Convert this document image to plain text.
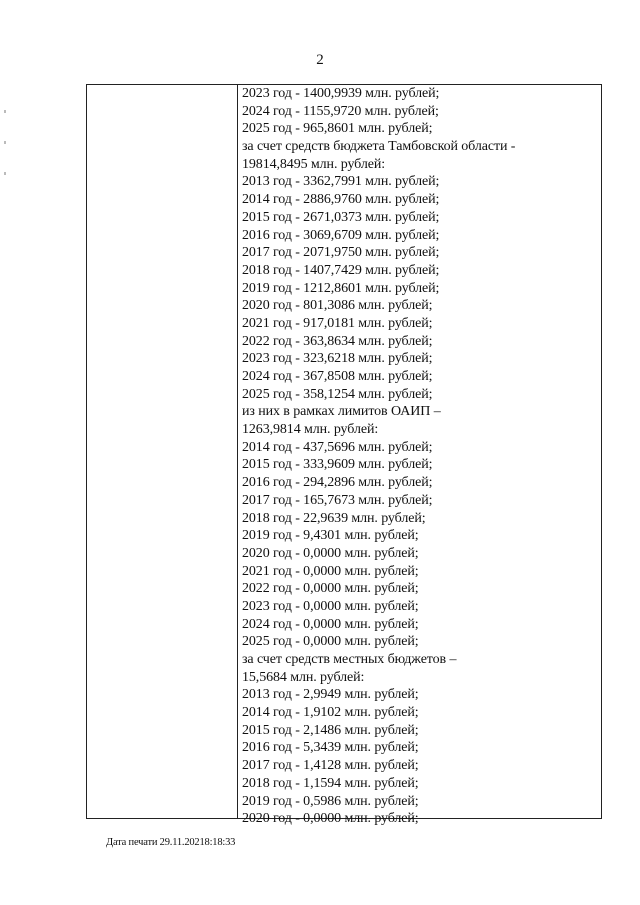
2
2023 год - 1400,9939 млн. рублей;
2024 год - 1155,9720 млн. рублей;
2025 год - 965,8601 млн. рублей;
за счет средств бюджета Тамбовской области -
19814,8495 млн. рублей:
2013 год - 3362,7991 млн. рублей;
2014 год - 2886,9760 млн. рублей;
2015 год - 2671,0373 млн. рублей;
2016 год - 3069,6709 млн. рублей;
2017 год - 2071,9750 млн. рублей;
2018 год - 1407,7429 млн. рублей;
2019 год - 1212,8601 млн. рублей;
2020 год - 801,3086 млн. рублей;
2021 год - 917,0181 млн. рублей;
2022 год - 363,8634 млн. рублей;
2023 год - 323,6218 млн. рублей;
2024 год - 367,8508 млн. рублей;
2025 год - 358,1254 млн. рублей;
из них в рамках лимитов ОАИП –
1263,9814 млн. рублей:
2014 год - 437,5696 млн. рублей;
2015 год - 333,9609 млн. рублей;
2016 год - 294,2896 млн. рублей;
2017 год - 165,7673 млн. рублей;
2018 год - 22,9639 млн. рублей;
2019 год - 9,4301 млн. рублей;
2020 год - 0,0000 млн. рублей;
2021 год - 0,0000 млн. рублей;
2022 год - 0,0000 млн. рублей;
2023 год - 0,0000 млн. рублей;
2024 год - 0,0000 млн. рублей;
2025 год - 0,0000 млн. рублей;
за счет средств местных бюджетов –
15,5684 млн. рублей:
2013 год - 2,9949 млн. рублей;
2014 год - 1,9102 млн. рублей;
2015 год - 2,1486 млн. рублей;
2016 год - 5,3439 млн. рублей;
2017 год - 1,4128 млн. рублей;
2018 год - 1,1594 млн. рублей;
2019 год - 0,5986 млн. рублей;
2020 год - 0,0000 млн. рублей;
Дата печати 29.11.20218:18:33
